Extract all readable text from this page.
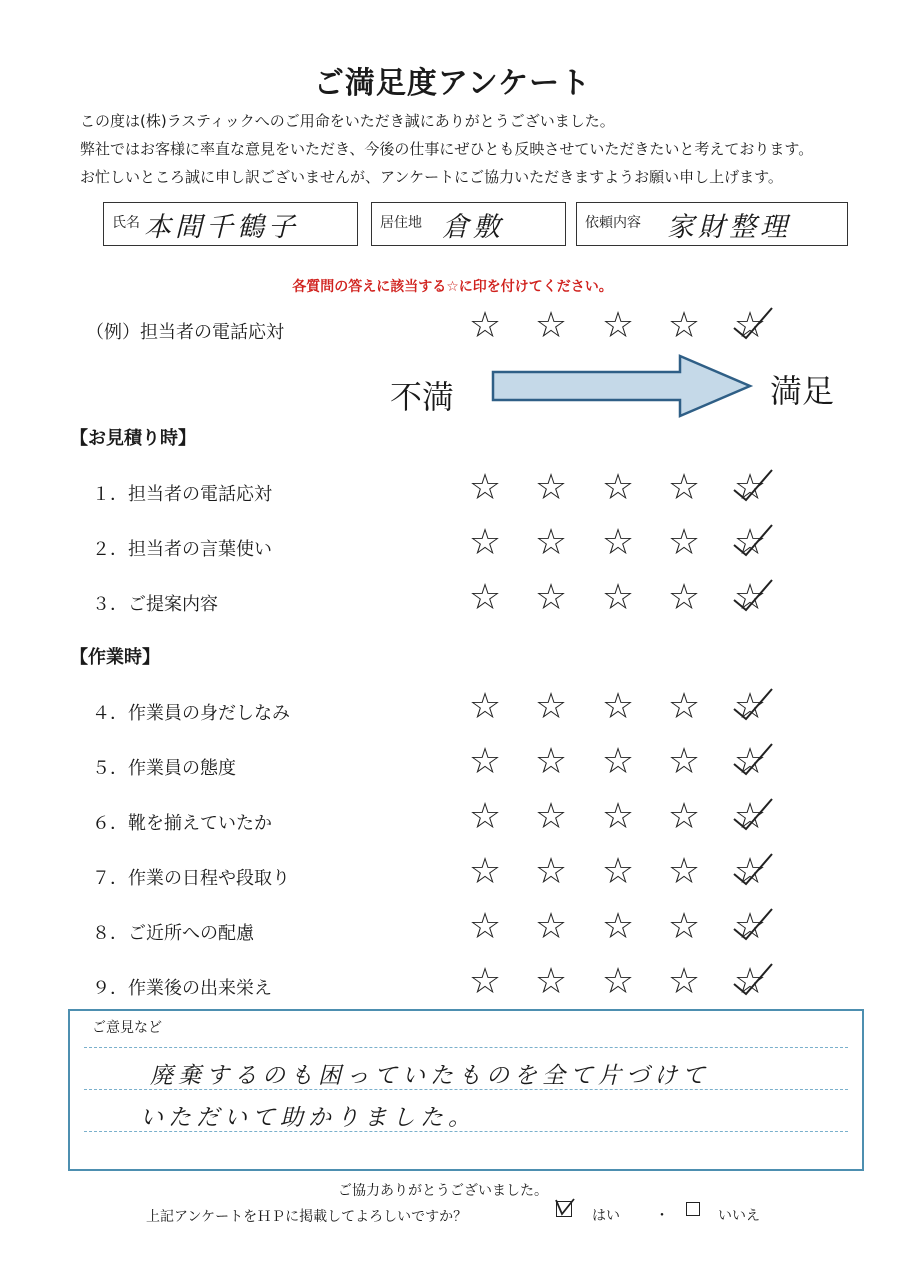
ご満足度アンケート
この度は(株)ラスティックへのご用命をいただき誠にありがとうございました。
弊社ではお客様に率直な意見をいただき、今後の仕事にぜひとも反映させていただきたいと考えております。
お忙しいところ誠に申し訳ございませんが、アンケートにご協力いただきますようお願い申し上げます。
氏名 本間千鶴子	居住地 倉敷	依頼内容 家財整理
各質問の答えに該当する☆に印を付けてください。
（例）担当者の電話応対	☆ ☆ ☆ ☆ ☆
不満	満足
【お見積り時】
１．担当者の電話応対	☆ ☆ ☆ ☆ ☆
２．担当者の言葉使い	☆ ☆ ☆ ☆ ☆
３．ご提案内容	☆ ☆ ☆ ☆ ☆
【作業時】
４．作業員の身だしなみ	☆ ☆ ☆ ☆ ☆
５．作業員の態度	☆ ☆ ☆ ☆ ☆
６．靴を揃えていたか	☆ ☆ ☆ ☆ ☆
７．作業の日程や段取り	☆ ☆ ☆ ☆ ☆
８．ご近所への配慮	☆ ☆ ☆ ☆ ☆
９．作業後の出来栄え	☆ ☆ ☆ ☆ ☆
ご意見など
廃棄するのも困っていたものを全て片づけて
いただいて助かりました。
ご協力ありがとうございました。
上記アンケートをＨＰに掲載してよろしいですか？	はい	・	いいえ
